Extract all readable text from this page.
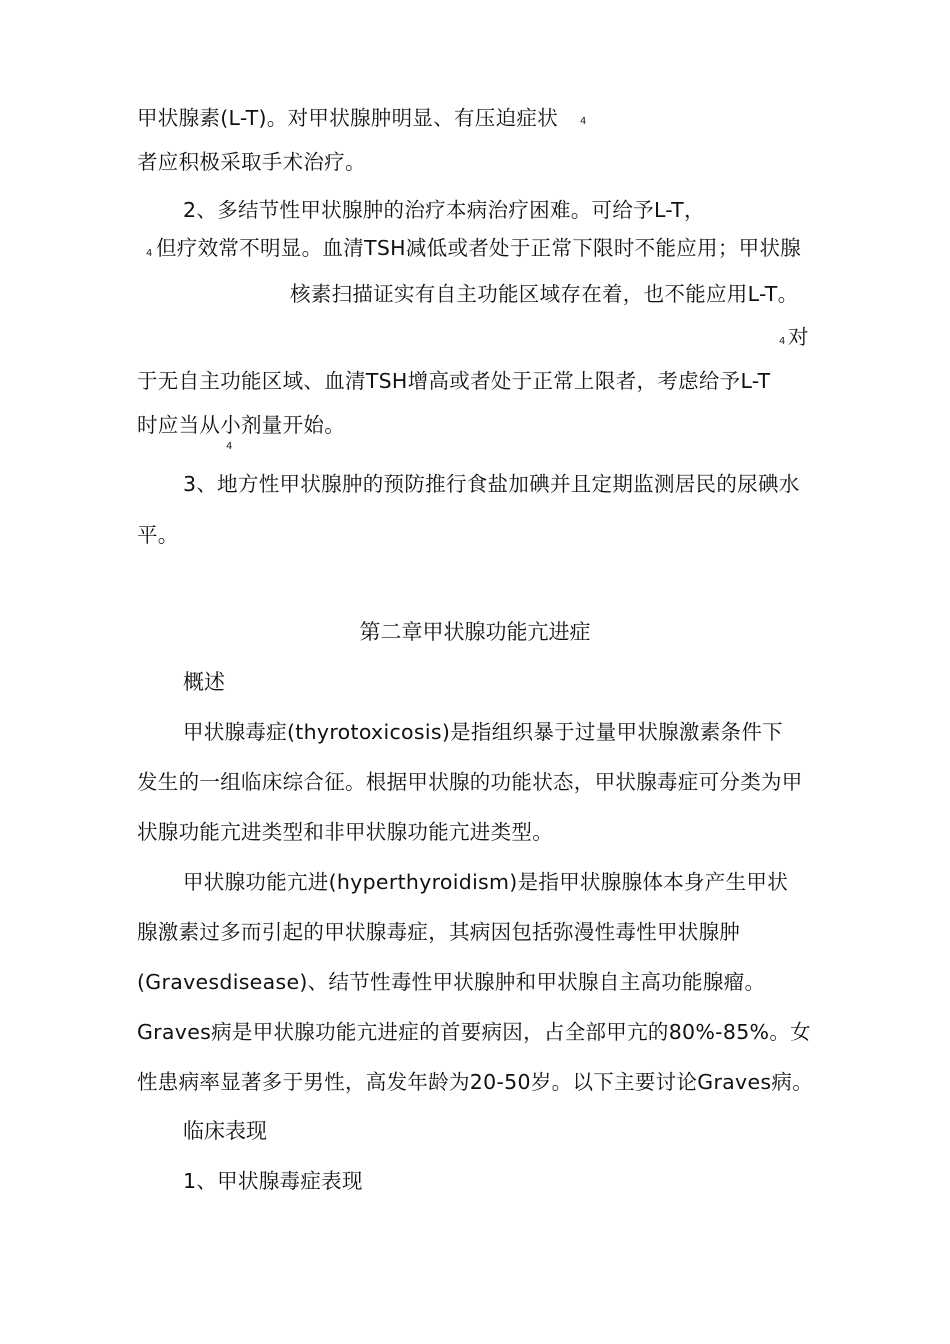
甲状腺素(L-T)。对甲状腺肿明显、有压迫症状 4

者应积极采取手术治疗。

2、多结节性甲状腺肿的治疗本病治疗困难。可给予L-T，

4 但疗效常不明显。血清TSH减低或者处于正常下限时不能应用；甲状腺

核素扫描证实有自主功能区域存在着，也不能应用L-T。

4 对

于无自主功能区域、血清TSH增高或者处于正常上限者，考虑给予L-T

时应当从小剂量开始。

4

3、地方性甲状腺肿的预防推行食盐加碘并且定期监测居民的尿碘水

平。

第二章甲状腺功能亢进症
概述

甲状腺毒症(thyrotoxicosis)是指组织暴于过量甲状腺激素条件下

发生的一组临床综合征。根据甲状腺的功能状态，甲状腺毒症可分类为甲

状腺功能亢进类型和非甲状腺功能亢进类型。

甲状腺功能亢进(hyperthyroidism)是指甲状腺腺体本身产生甲状

腺激素过多而引起的甲状腺毒症，其病因包括弥漫性毒性甲状腺肿

(Gravesdisease)、结节性毒性甲状腺肿和甲状腺自主高功能腺瘤。

Graves病是甲状腺功能亢进症的首要病因，占全部甲亢的80%-85%。女

性患病率显著多于男性，高发年龄为20-50岁。以下主要讨论Graves病。

临床表现

1、甲状腺毒症表现
